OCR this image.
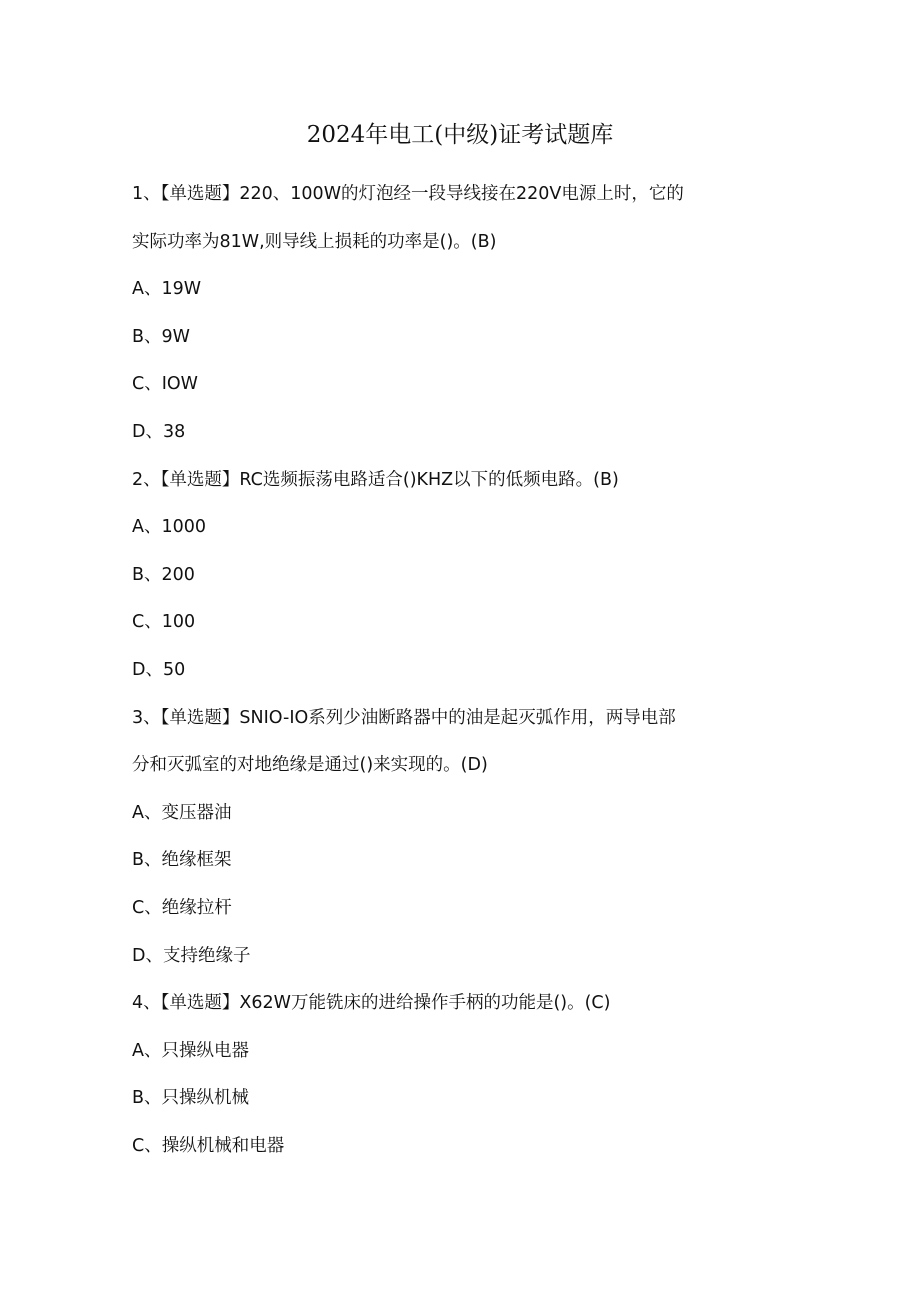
2024年电工(中级)证考试题库
1、【单选题】220、100W的灯泡经一段导线接在220V电源上时，它的
实际功率为81W,则导线上损耗的功率是()。(B)
A、19W
B、9W
C、IOW
D、38
2、【单选题】RC选频振荡电路适合()KHZ以下的低频电路。(B)
A、1000
B、200
C、100
D、50
3、【单选题】SNIO-IO系列少油断路器中的油是起灭弧作用，两导电部
分和灭弧室的对地绝缘是通过()来实现的。(D)
A、变压器油
B、绝缘框架
C、绝缘拉杆
D、支持绝缘子
4、【单选题】X62W万能铣床的进给操作手柄的功能是()。(C)
A、只操纵电器
B、只操纵机械
C、操纵机械和电器
